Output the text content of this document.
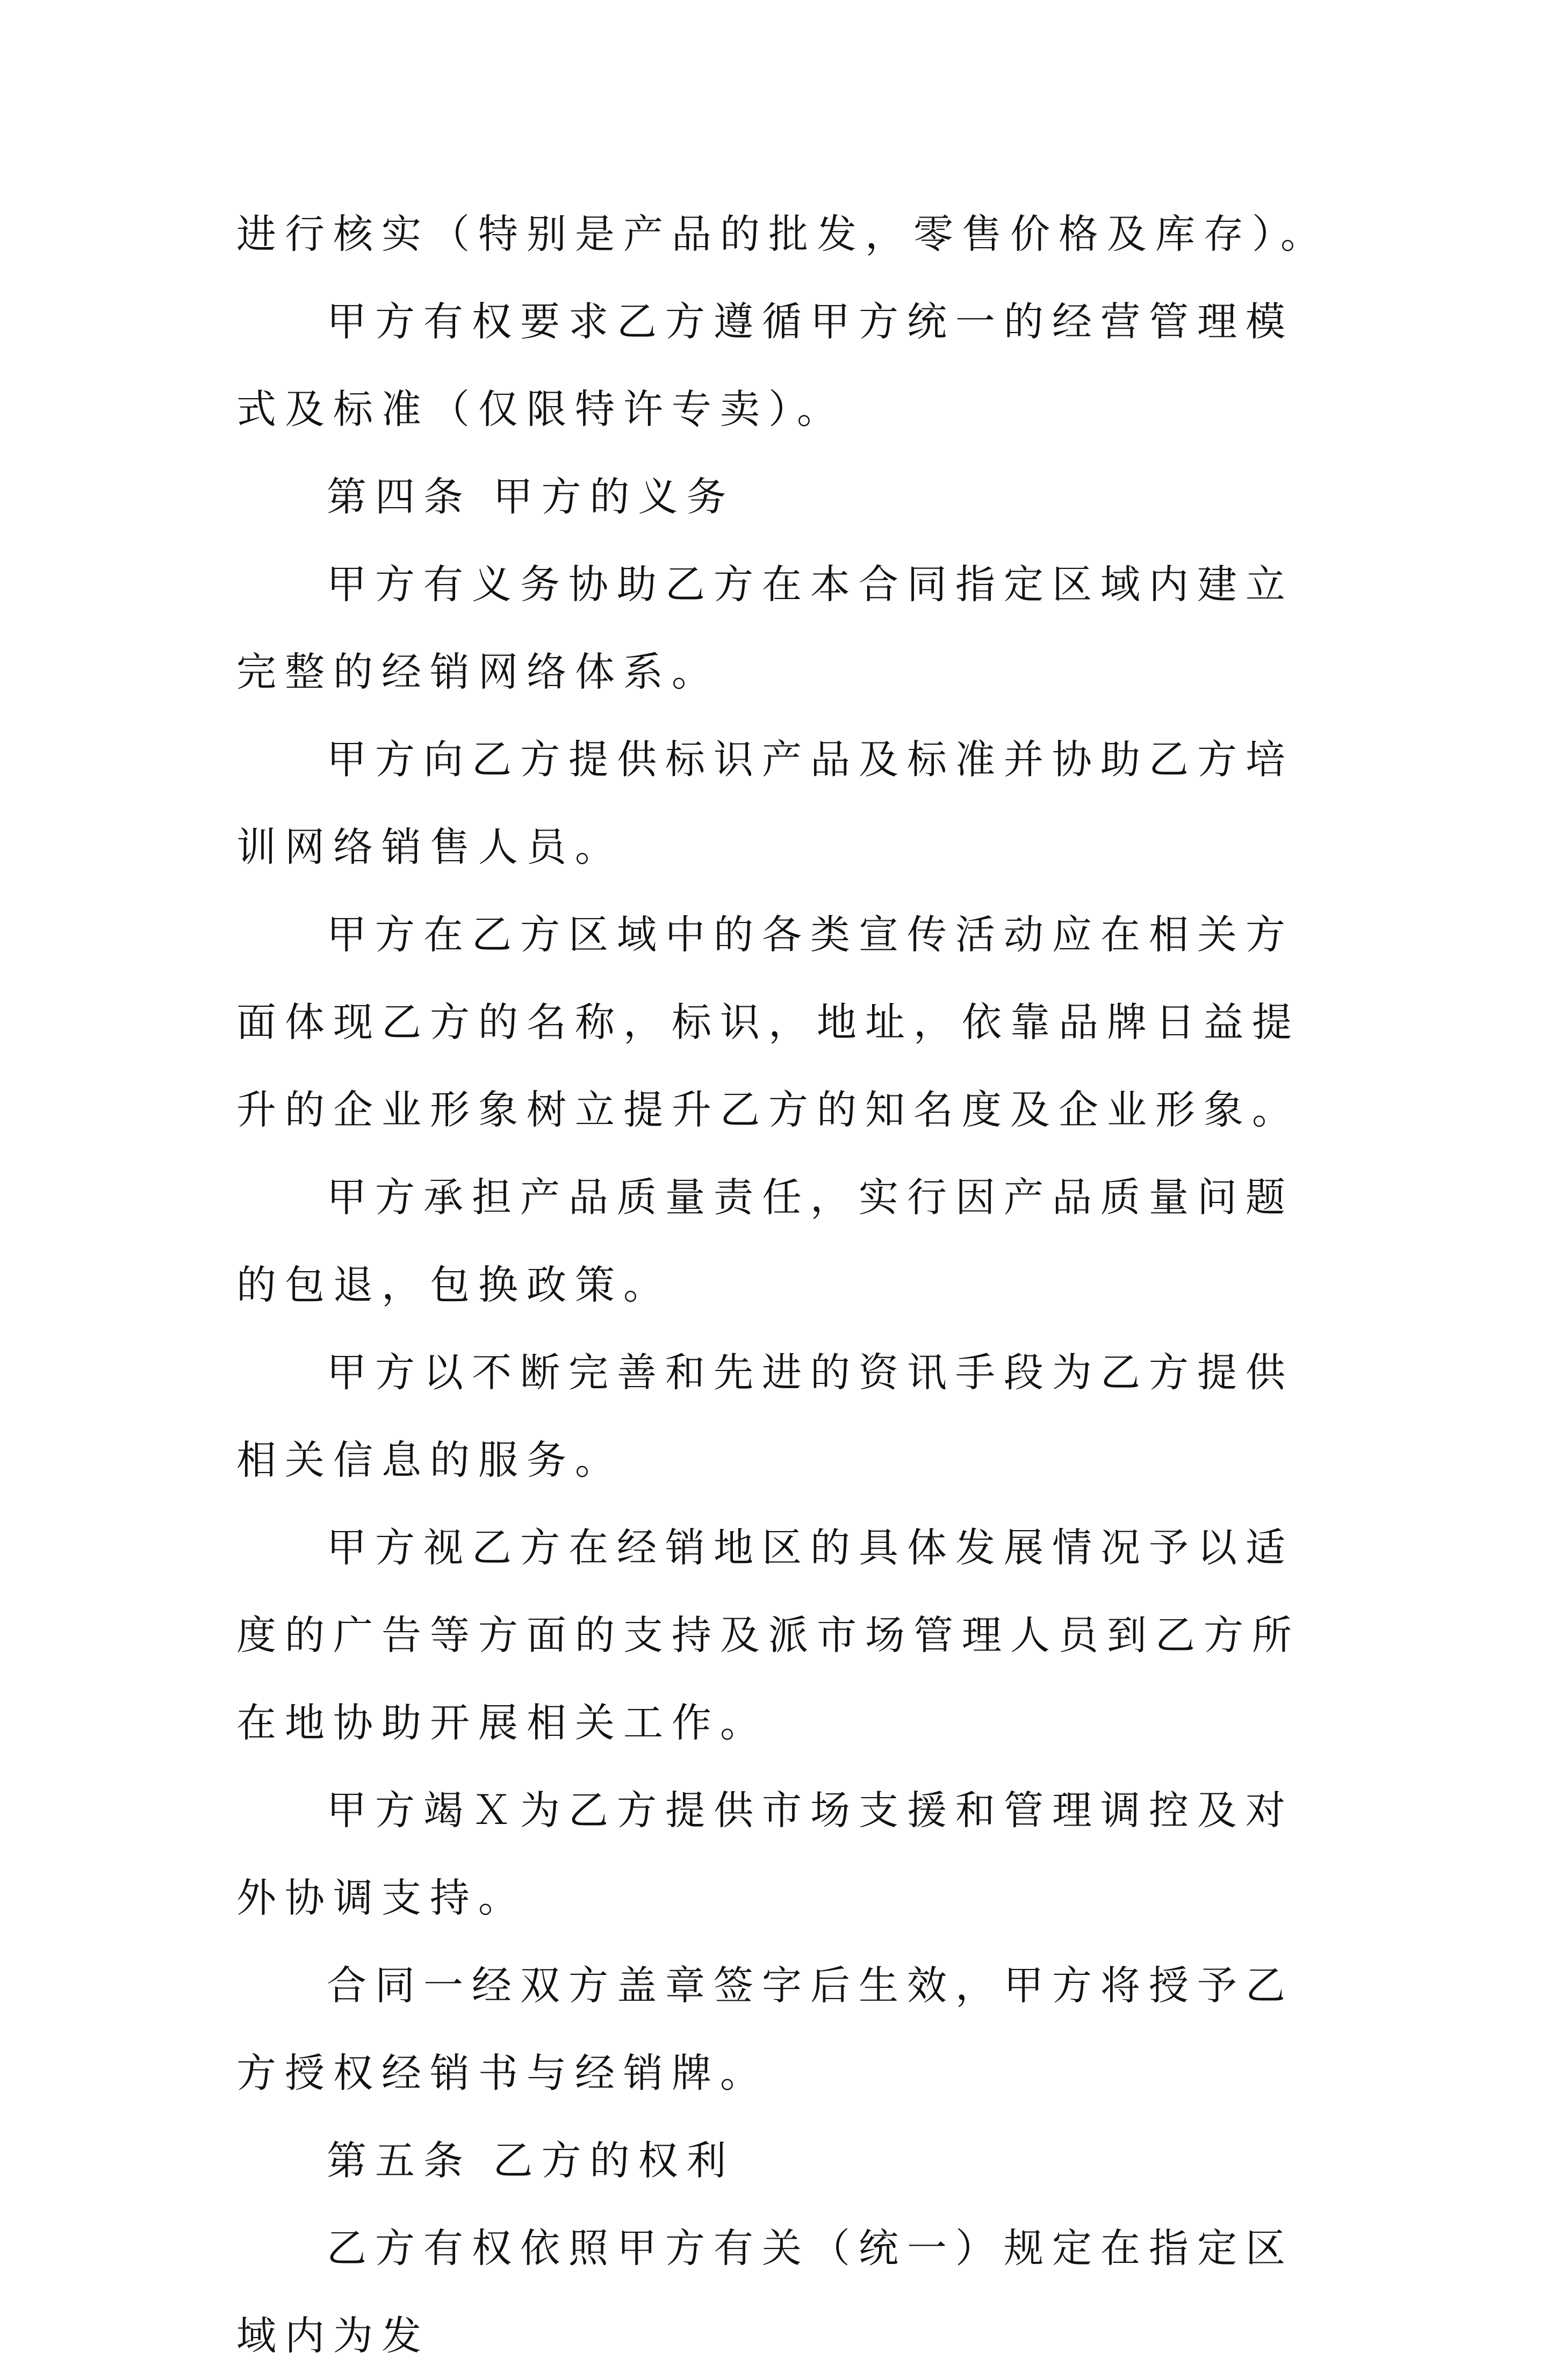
进行核实（特别是产品的批发，零售价格及库存）。

甲方有权要求乙方遵循甲方统一的经营管理模式及标准（仅限特许专卖）。

第四条 甲方的义务

甲方有义务协助乙方在本合同指定区域内建立完整的经销网络体系。

甲方向乙方提供标识产品及标准并协助乙方培训网络销售人员。

甲方在乙方区域中的各类宣传活动应在相关方面体现乙方的名称，标识，地址，依靠品牌日益提升的企业形象树立提升乙方的知名度及企业形象。

甲方承担产品质量责任，实行因产品质量问题的包退，包换政策。

甲方以不断完善和先进的资讯手段为乙方提供相关信息的服务。

甲方视乙方在经销地区的具体发展情况予以适度的广告等方面的支持及派市场管理人员到乙方所在地协助开展相关工作。

甲方竭Ｘ为乙方提供市场支援和管理调控及对外协调支持。

合同一经双方盖章签字后生效，甲方将授予乙方授权经销书与经销牌。

第五条 乙方的权利

乙方有权依照甲方有关（统一）规定在指定区域内为发
